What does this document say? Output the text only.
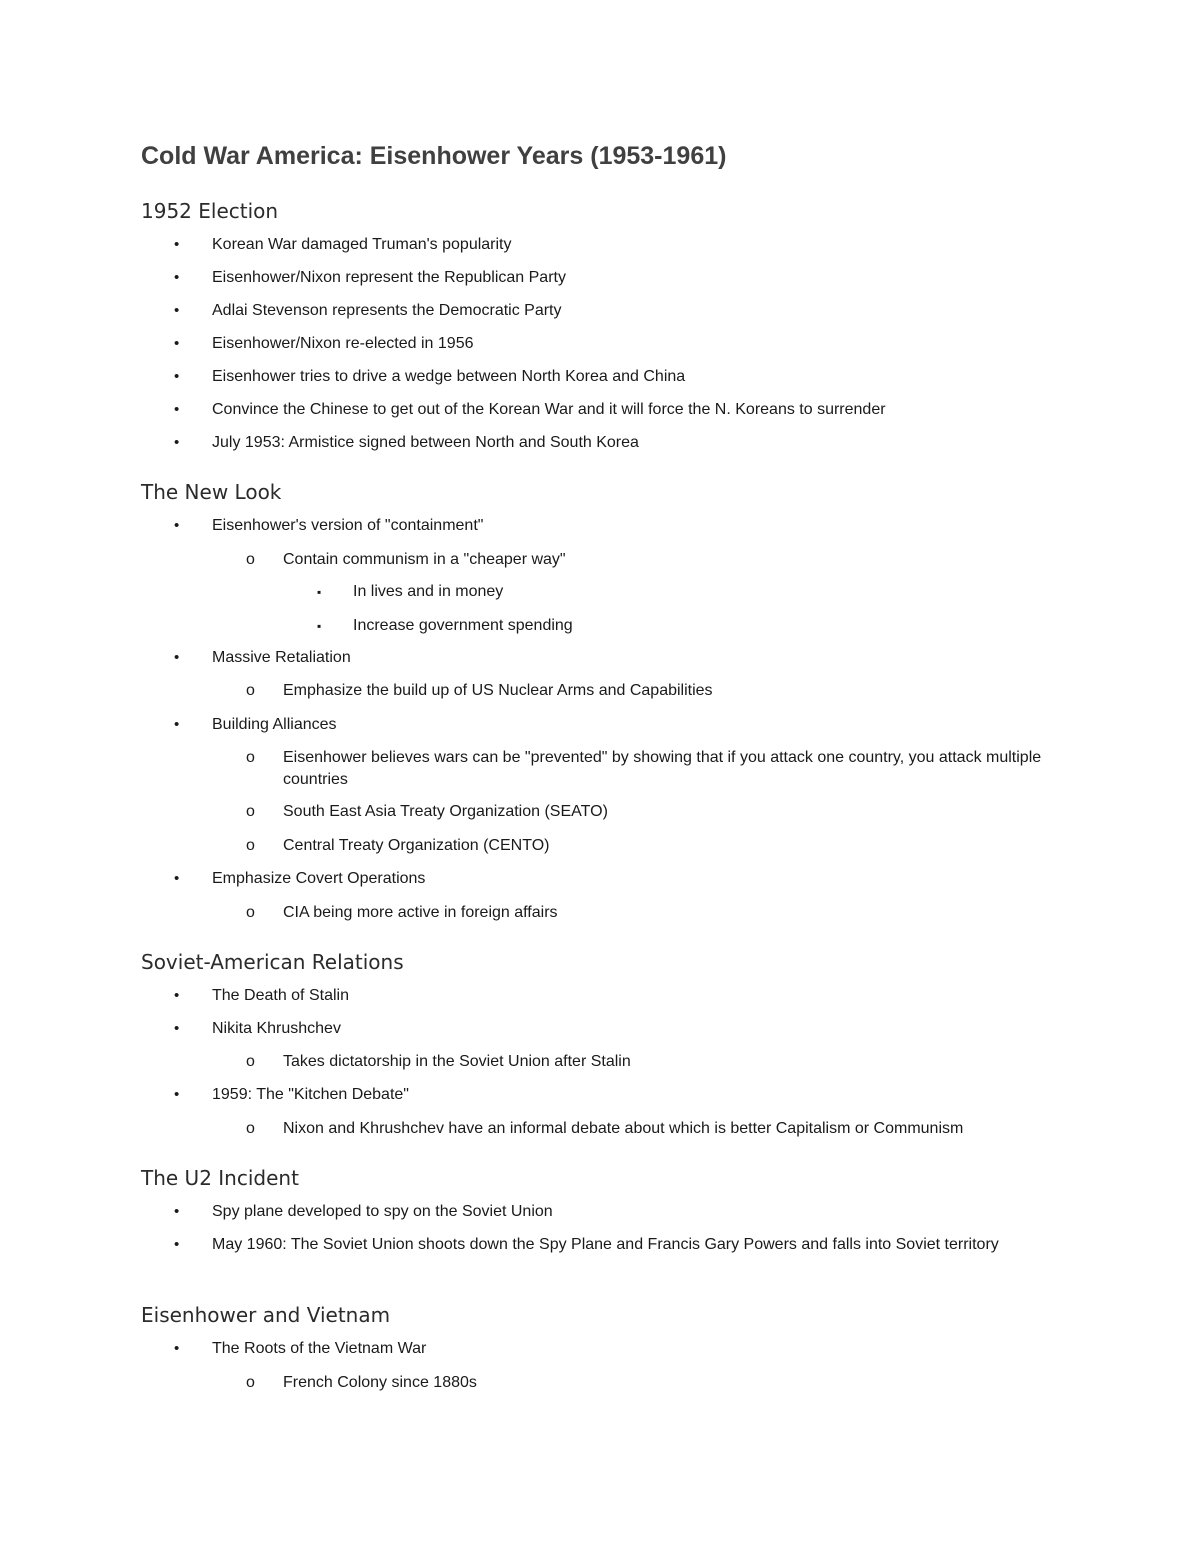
Cold War America: Eisenhower Years (1953-1961)
1952 Election
• Korean War damaged Truman's popularity

• Eisenhower/Nixon represent the Republican Party

• Adlai Stevenson represents the Democratic Party

• Eisenhower/Nixon re-elected in 1956

• Eisenhower tries to drive a wedge between North Korea and China

• Convince the Chinese to get out of the Korean War and it will force the N. Koreans to surrender

• July 1953: Armistice signed between North and South Korea

The New Look
• Eisenhower's version of "containment"

o Contain communism in a "cheaper way"

▪ In lives and in money

▪ Increase government spending

• Massive Retaliation

o Emphasize the build up of US Nuclear Arms and Capabilities

• Building Alliances

o Eisenhower believes wars can be "prevented" by showing that if you attack one country, you attack multiple countries

o South East Asia Treaty Organization (SEATO)

o Central Treaty Organization (CENTO)

• Emphasize Covert Operations

o CIA being more active in foreign affairs

Soviet-American Relations
• The Death of Stalin

• Nikita Khrushchev

o Takes dictatorship in the Soviet Union after Stalin

• 1959: The "Kitchen Debate"

o Nixon and Khrushchev have an informal debate about which is better Capitalism or Communism

The U2 Incident
• Spy plane developed to spy on the Soviet Union

• May 1960: The Soviet Union shoots down the Spy Plane and Francis Gary Powers and falls into Soviet territory

Eisenhower and Vietnam
• The Roots of the Vietnam War

o French Colony since 1880s
